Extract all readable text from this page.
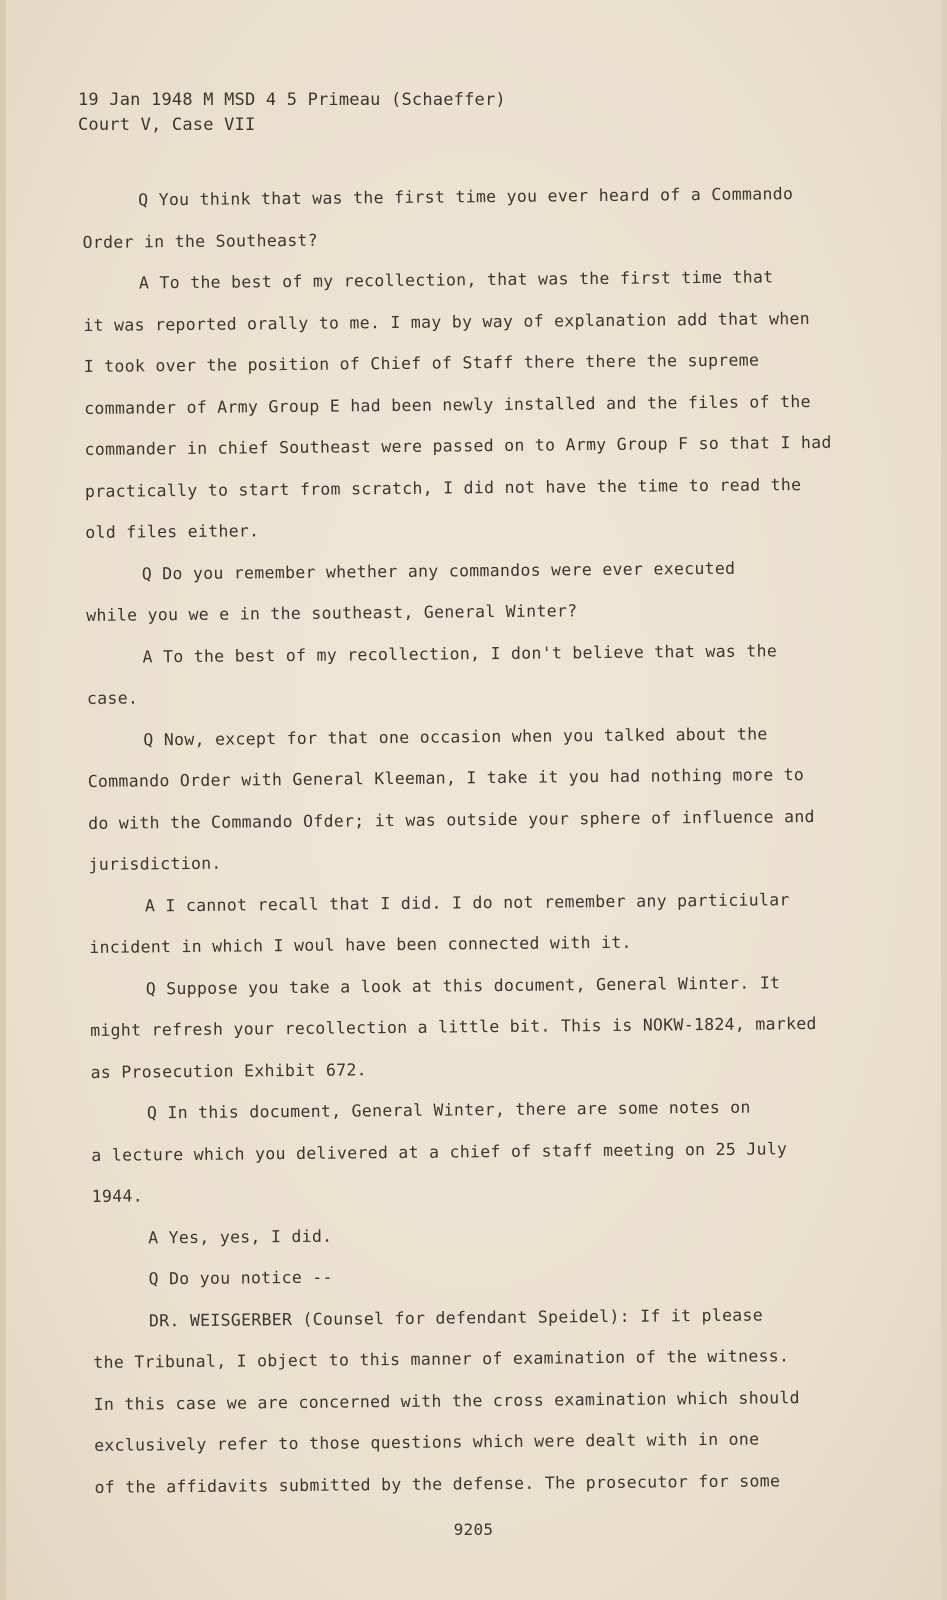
19 Jan 1948 M MSD 4 5 Primeau (Schaeffer)
Court V, Case VII
Q You think that was the first time you ever heard of a Commando
Order in the Southeast?
A To the best of my recollection, that was the first time that
it was reported orally to me. I may by way of explanation add that when
I took over the position of Chief of Staff there there the supreme
commander of Army Group E had been newly installed and the files of the
commander in chief Southeast were passed on to Army Group F so that I had
practically to start from scratch, I did not have the time to read the
old files either.
Q Do you remember whether any commandos were ever executed
while you we e in the southeast, General Winter?
A To the best of my recollection, I don't believe that was the
case.
Q Now, except for that one occasion when you talked about the
Commando Order with General Kleeman, I take it you had nothing more to
do with the Commando Ofder; it was outside your sphere of influence and
jurisdiction.
A I cannot recall that I did. I do not remember any particiular
incident in which I woul have been connected with it.
Q Suppose you take a look at this document, General Winter. It
might refresh your recollection a little bit. This is NOKW-1824, marked
as Prosecution Exhibit 672.
Q In this document, General Winter, there are some notes on
a lecture which you delivered at a chief of staff meeting on 25 July
1944.
A Yes, yes, I did.
Q Do you notice --
DR. WEISGERBER (Counsel for defendant Speidel): If it please
the Tribunal, I object to this manner of examination of the witness.
In this case we are concerned with the cross examination which should
exclusively refer to those questions which were dealt with in one
of the affidavits submitted by the defense. The prosecutor for some
9205
